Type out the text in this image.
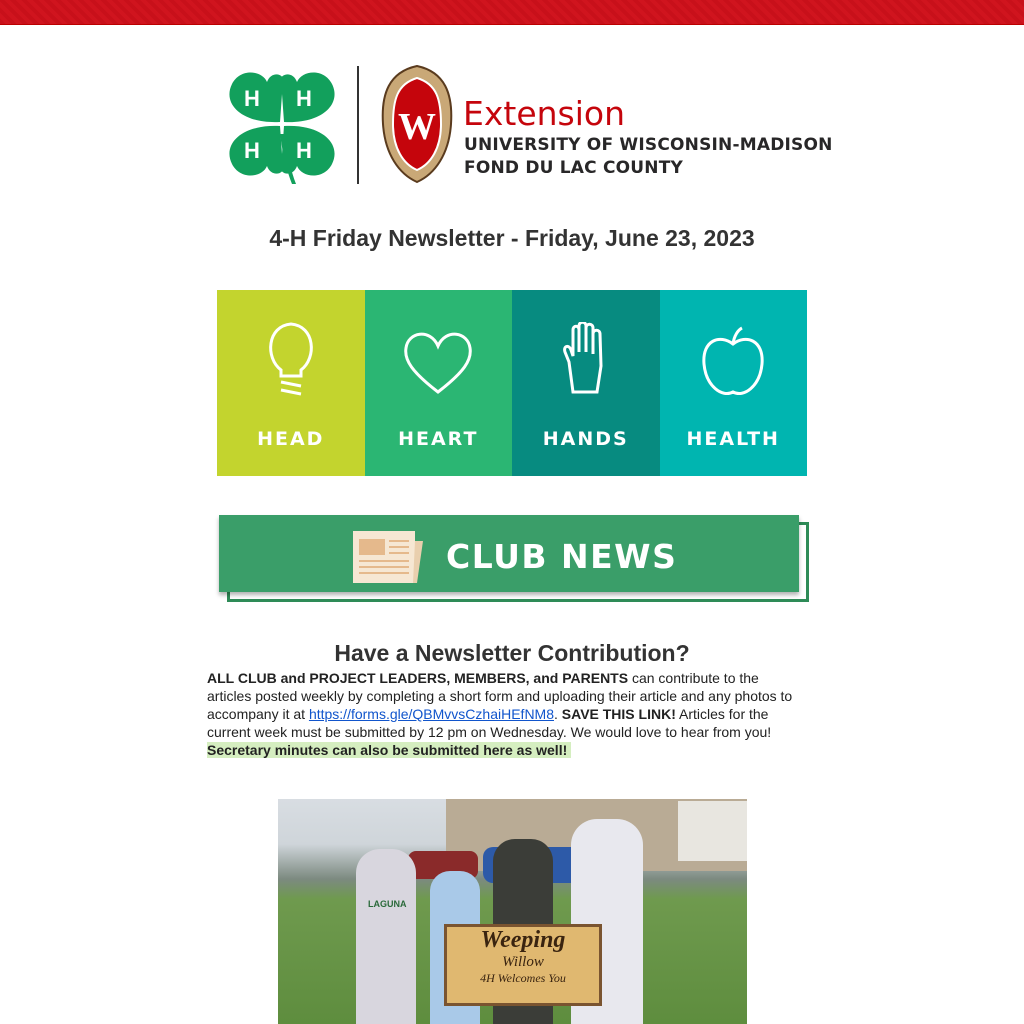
H H
H H
W Extension
UNIVERSITY OF WISCONSIN-MADISON
FOND DU LAC COUNTY
4-H Friday Newsletter - Friday, June 23, 2023
HEAD	HEART	HANDS	HEALTH
CLUB NEWS
Have a Newsletter Contribution?
ALL CLUB and PROJECT LEADERS, MEMBERS, and PARENTS can contribute to the articles posted weekly by completing a short form and uploading their article and any photos to accompany it at https://forms.gle/QBMvvsCzhaiHEfNM8. SAVE THIS LINK! Articles for the current week must be submitted by 12 pm on Wednesday. We would love to hear from you!
Secretary minutes can also be submitted here as well!
LAGUNA
Weeping
Willow
4H Welcomes You
